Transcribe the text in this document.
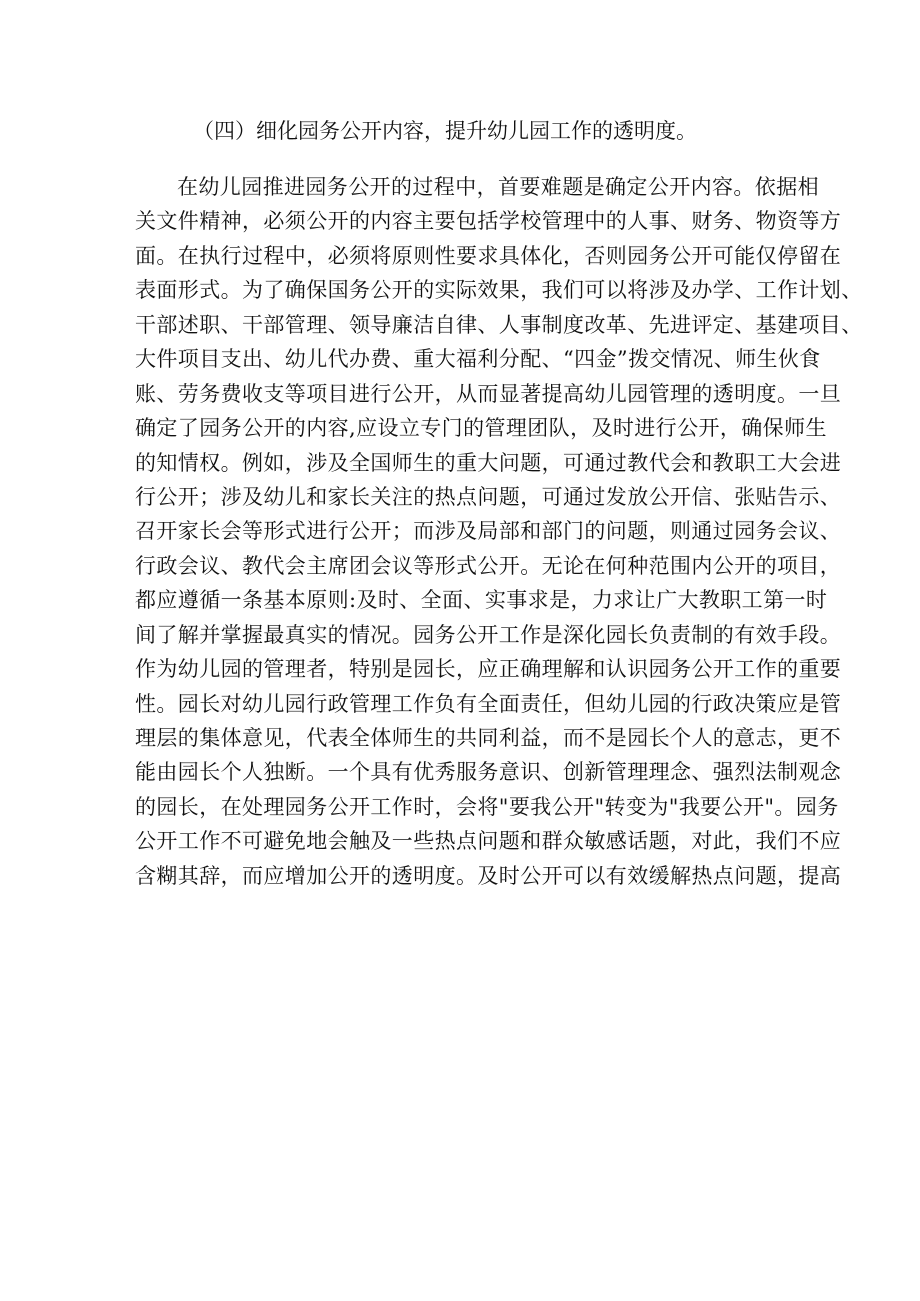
（四）细化园务公开内容，提升幼儿园工作的透明度。
在幼儿园推进园务公开的过程中，首要难题是确定公开内容。依据相
关文件精神，必须公开的内容主要包括学校管理中的人事、财务、物资等方
面。在执行过程中，必须将原则性要求具体化，否则园务公开可能仅停留在
表面形式。为了确保国务公开的实际效果，我们可以将涉及办学、工作计划、
干部述职、干部管理、领导廉洁自律、人事制度改革、先进评定、基建项目、
大件项目支出、幼儿代办费、重大福利分配、“四金”拨交情况、师生伙食
账、劳务费收支等项目进行公开，从而显著提高幼儿园管理的透明度。一旦
确定了园务公开的内容,应设立专门的管理团队，及时进行公开，确保师生
的知情权。例如，涉及全国师生的重大问题，可通过教代会和教职工大会进
行公开；涉及幼儿和家长关注的热点问题，可通过发放公开信、张贴告示、
召开家长会等形式进行公开；而涉及局部和部门的问题，则通过园务会议、
行政会议、教代会主席团会议等形式公开。无论在何种范围内公开的项目，
都应遵循一条基本原则:及时、全面、实事求是，力求让广大教职工第一时
间了解并掌握最真实的情况。园务公开工作是深化园长负责制的有效手段。
作为幼儿园的管理者，特别是园长，应正确理解和认识园务公开工作的重要
性。园长对幼儿园行政管理工作负有全面责任，但幼儿园的行政决策应是管
理层的集体意见，代表全体师生的共同利益，而不是园长个人的意志，更不
能由园长个人独断。一个具有优秀服务意识、创新管理理念、强烈法制观念
的园长，在处理园务公开工作时，会将"要我公开"转变为"我要公开"。园务
公开工作不可避免地会触及一些热点问题和群众敏感话题，对此，我们不应
含糊其辞，而应增加公开的透明度。及时公开可以有效缓解热点问题，提高
